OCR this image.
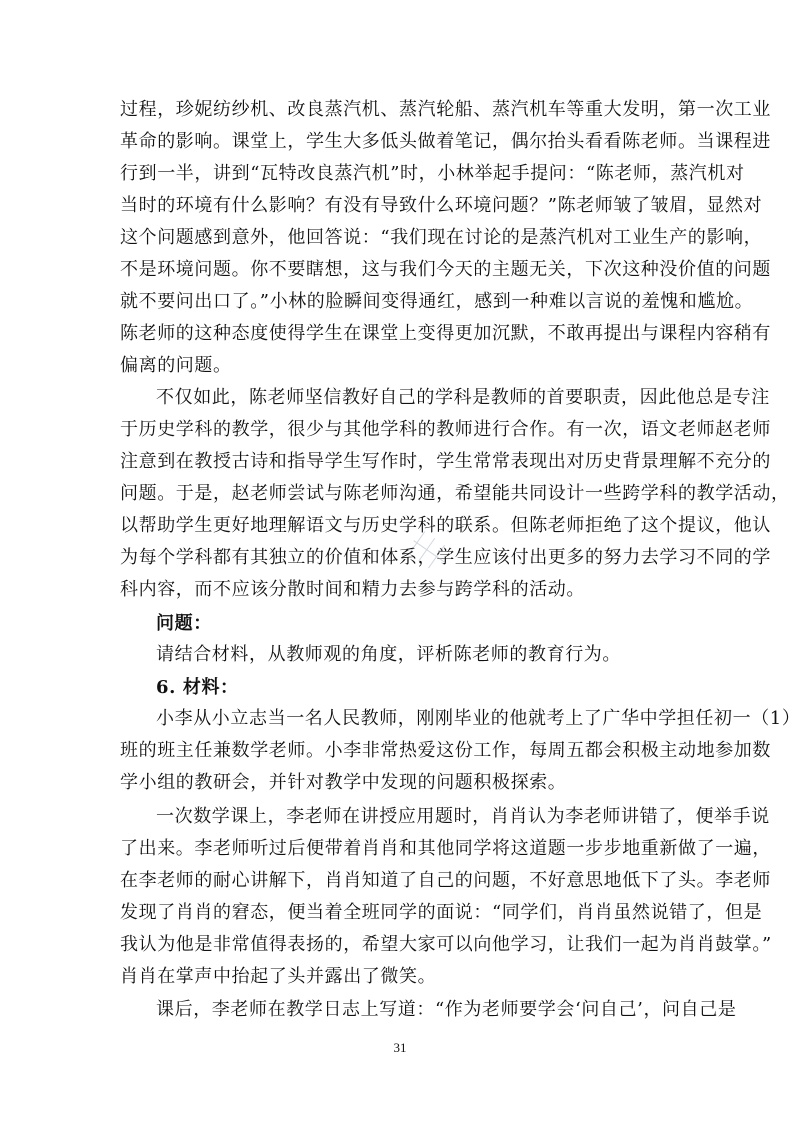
过程，珍妮纺纱机、改良蒸汽机、蒸汽轮船、蒸汽机车等重大发明，第一次工业
革命的影响。课堂上，学生大多低头做着笔记，偶尔抬头看看陈老师。当课程进
行到一半，讲到“瓦特改良蒸汽机”时，小林举起手提问：“陈老师，蒸汽机对
当时的环境有什么影响？有没有导致什么环境问题？”陈老师皱了皱眉，显然对
这个问题感到意外，他回答说：“我们现在讨论的是蒸汽机对工业生产的影响，
不是环境问题。你不要瞎想，这与我们今天的主题无关，下次这种没价值的问题
就不要问出口了。”小林的脸瞬间变得通红，感到一种难以言说的羞愧和尴尬。
陈老师的这种态度使得学生在课堂上变得更加沉默，不敢再提出与课程内容稍有
偏离的问题。
不仅如此，陈老师坚信教好自己的学科是教师的首要职责，因此他总是专注
于历史学科的教学，很少与其他学科的教师进行合作。有一次，语文老师赵老师
注意到在教授古诗和指导学生写作时，学生常常表现出对历史背景理解不充分的
问题。于是，赵老师尝试与陈老师沟通，希望能共同设计一些跨学科的教学活动，
以帮助学生更好地理解语文与历史学科的联系。但陈老师拒绝了这个提议，他认
为每个学科都有其独立的价值和体系，学生应该付出更多的努力去学习不同的学
科内容，而不应该分散时间和精力去参与跨学科的活动。
问题：
请结合材料，从教师观的角度，评析陈老师的教育行为。
6. 材料：
小李从小立志当一名人民教师，刚刚毕业的他就考上了广华中学担任初一（1）
班的班主任兼数学老师。小李非常热爱这份工作，每周五都会积极主动地参加数
学小组的教研会，并针对教学中发现的问题积极探索。
一次数学课上，李老师在讲授应用题时，肖肖认为李老师讲错了，便举手说
了出来。李老师听过后便带着肖肖和其他同学将这道题一步步地重新做了一遍，
在李老师的耐心讲解下，肖肖知道了自己的问题，不好意思地低下了头。李老师
发现了肖肖的窘态，便当着全班同学的面说：“同学们，肖肖虽然说错了，但是
我认为他是非常值得表扬的，希望大家可以向他学习，让我们一起为肖肖鼓掌。”
肖肖在掌声中抬起了头并露出了微笑。
课后，李老师在教学日志上写道：“作为老师要学会‘问自己’，问自己是
31
